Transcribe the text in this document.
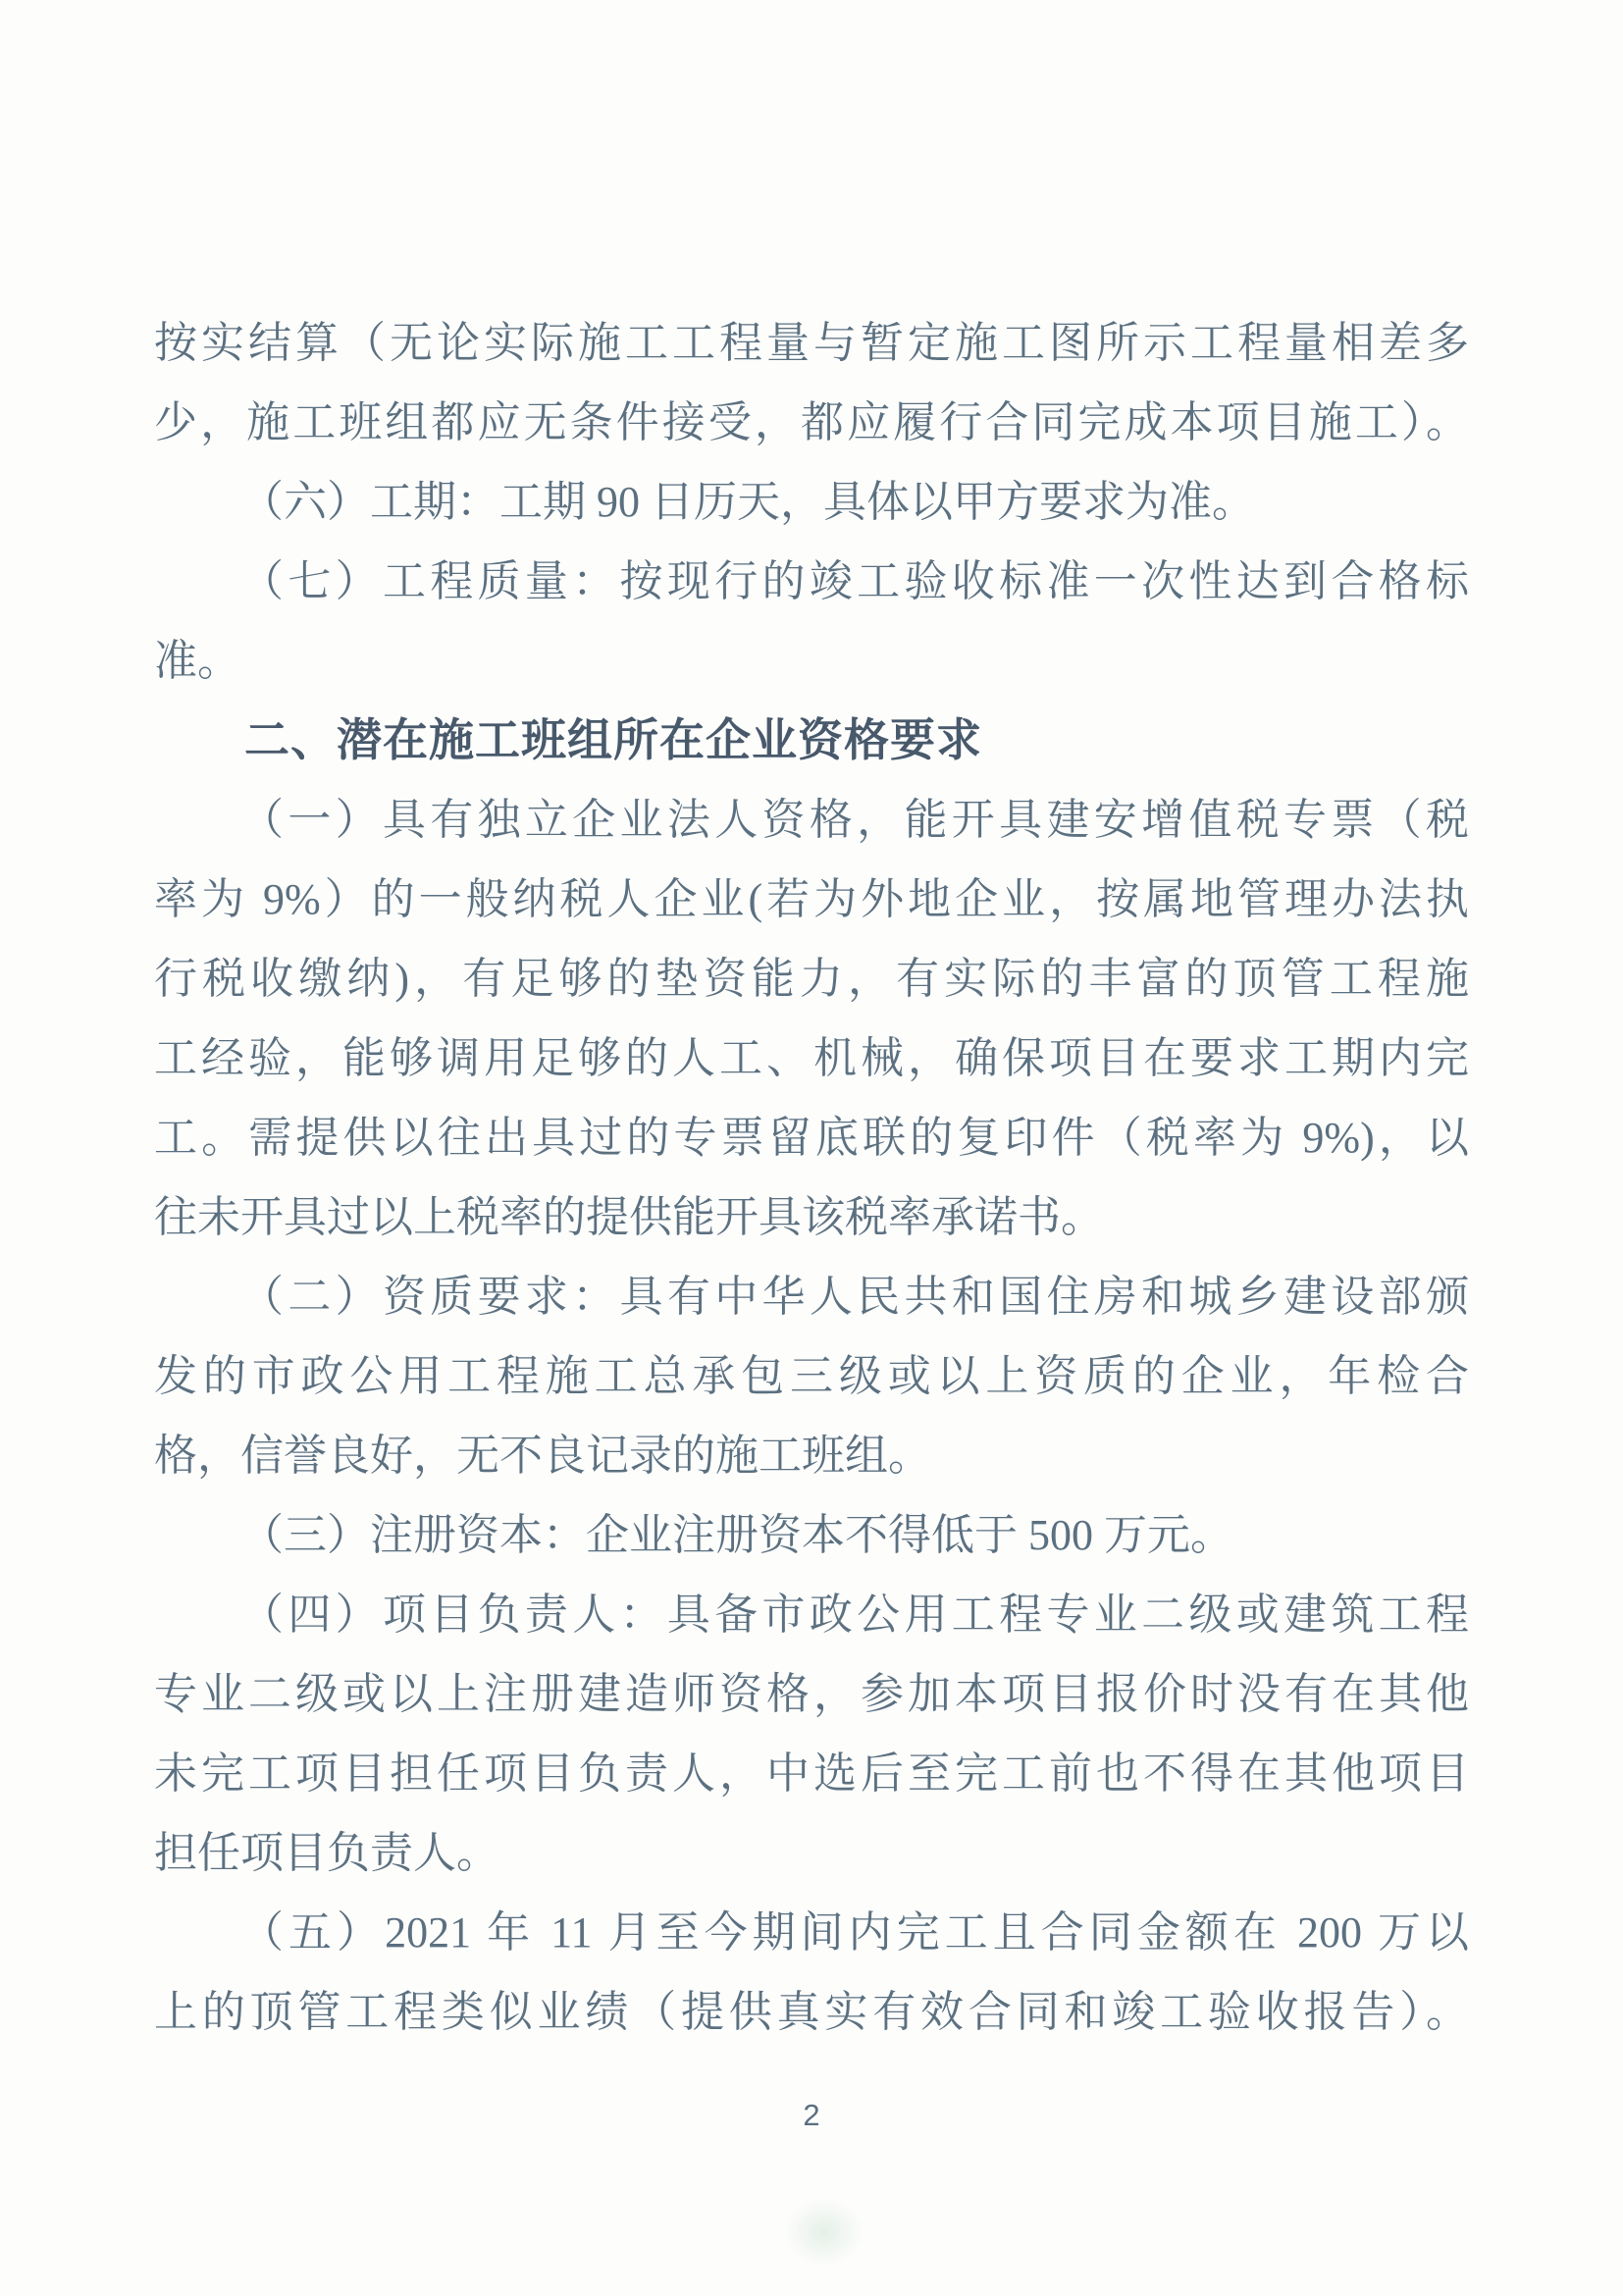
按实结算（无论实际施工工程量与暂定施工图所示工程量相差多
少，施工班组都应无条件接受，都应履行合同完成本项目施工）。
（六）工期：工期 90 日历天，具体以甲方要求为准。
（七）工程质量：按现行的竣工验收标准一次性达到合格标
准。
二、潜在施工班组所在企业资格要求
（一）具有独立企业法人资格，能开具建安增值税专票（税
率为 9%）的一般纳税人企业(若为外地企业，按属地管理办法执
行税收缴纳)，有足够的垫资能力，有实际的丰富的顶管工程施
工经验，能够调用足够的人工、机械，确保项目在要求工期内完
工。需提供以往出具过的专票留底联的复印件（税率为 9%)，以
往未开具过以上税率的提供能开具该税率承诺书。
（二）资质要求：具有中华人民共和国住房和城乡建设部颁
发的市政公用工程施工总承包三级或以上资质的企业，年检合
格，信誉良好，无不良记录的施工班组。
（三）注册资本：企业注册资本不得低于 500 万元。
（四）项目负责人：具备市政公用工程专业二级或建筑工程
专业二级或以上注册建造师资格，参加本项目报价时没有在其他
未完工项目担任项目负责人，中选后至完工前也不得在其他项目
担任项目负责人。
（五）2021 年 11 月至今期间内完工且合同金额在 200 万以
上的顶管工程类似业绩（提供真实有效合同和竣工验收报告）。
2
